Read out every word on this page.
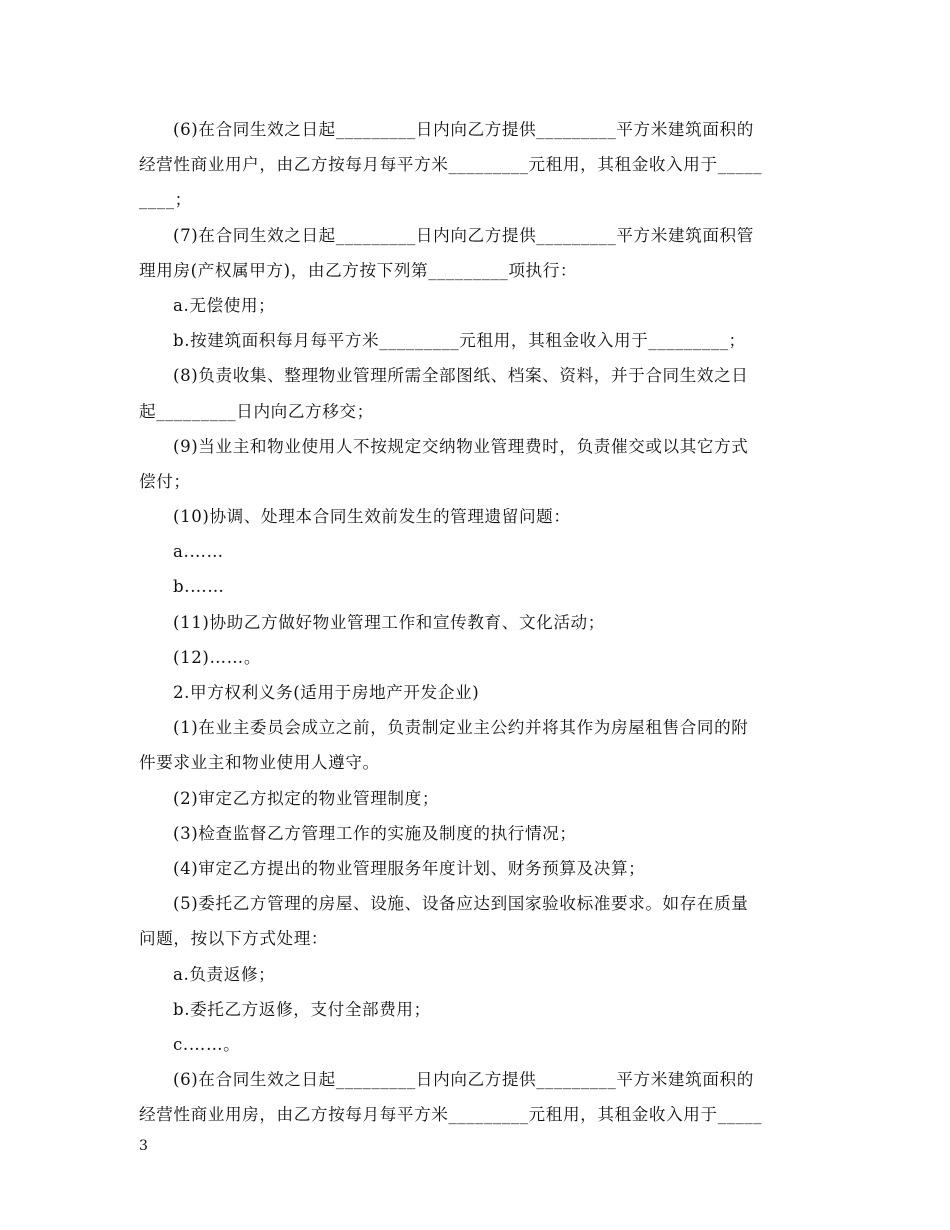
(6)在合同生效之日起_________日内向乙方提供_________平方米建筑面积的
经营性商业用户，由乙方按每月每平方米_________元租用，其租金收入用于_____
____；
(7)在合同生效之日起_________日内向乙方提供_________平方米建筑面积管
理用房(产权属甲方)，由乙方按下列第_________项执行：
a.无偿使用；
b.按建筑面积每月每平方米_________元租用，其租金收入用于_________；
(8)负责收集、整理物业管理所需全部图纸、档案、资料，并于合同生效之日
起_________日内向乙方移交；
(9)当业主和物业使用人不按规定交纳物业管理费时，负责催交或以其它方式
偿付；
(10)协调、处理本合同生效前发生的管理遗留问题：
a.……
b.……
(11)协助乙方做好物业管理工作和宣传教育、文化活动；
(12)……。
2.甲方权利义务(适用于房地产开发企业)
(1)在业主委员会成立之前，负责制定业主公约并将其作为房屋租售合同的附
件要求业主和物业使用人遵守。
(2)审定乙方拟定的物业管理制度；
(3)检查监督乙方管理工作的实施及制度的执行情况；
(4)审定乙方提出的物业管理服务年度计划、财务预算及决算；
(5)委托乙方管理的房屋、设施、设备应达到国家验收标准要求。如存在质量
问题，按以下方式处理：
a.负责返修；
b.委托乙方返修，支付全部费用；
c.……。
(6)在合同生效之日起_________日内向乙方提供_________平方米建筑面积的
经营性商业用房，由乙方按每月每平方米_________元租用，其租金收入用于_____
3
